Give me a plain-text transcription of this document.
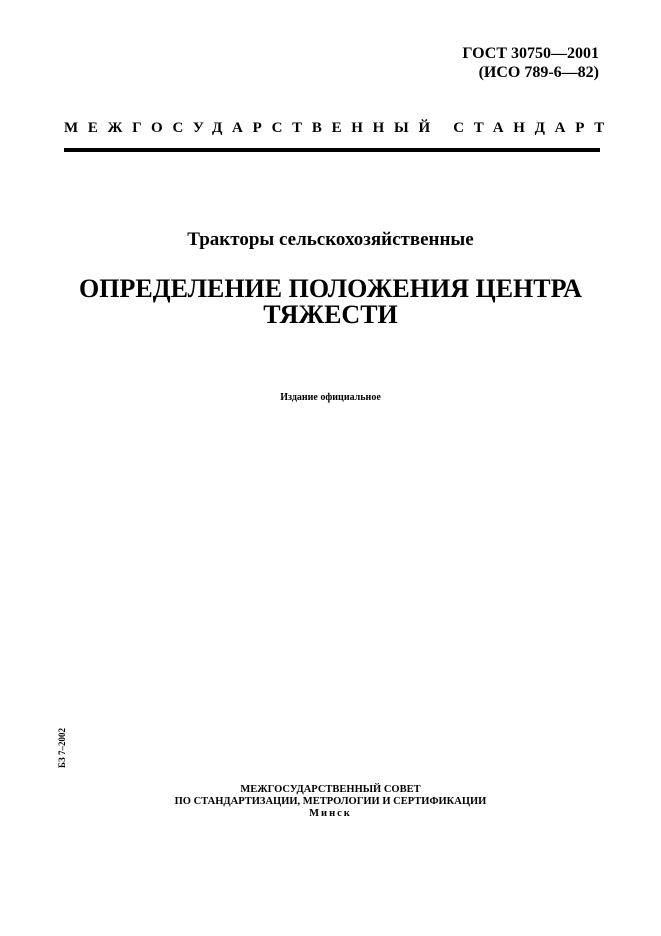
ГОСТ 30750—2001
(ИСО 789-6—82)
МЕЖГОСУДАРСТВЕННЫЙ СТАНДАРТ
Тракторы сельскохозяйственные
ОПРЕДЕЛЕНИЕ ПОЛОЖЕНИЯ ЦЕНТРА
ТЯЖЕСТИ
Издание официальное
БЗ 7–2002
МЕЖГОСУДАРСТВЕННЫЙ СОВЕТ
ПО СТАНДАРТИЗАЦИИ, МЕТРОЛОГИИ И СЕРТИФИКАЦИИ
Минск
